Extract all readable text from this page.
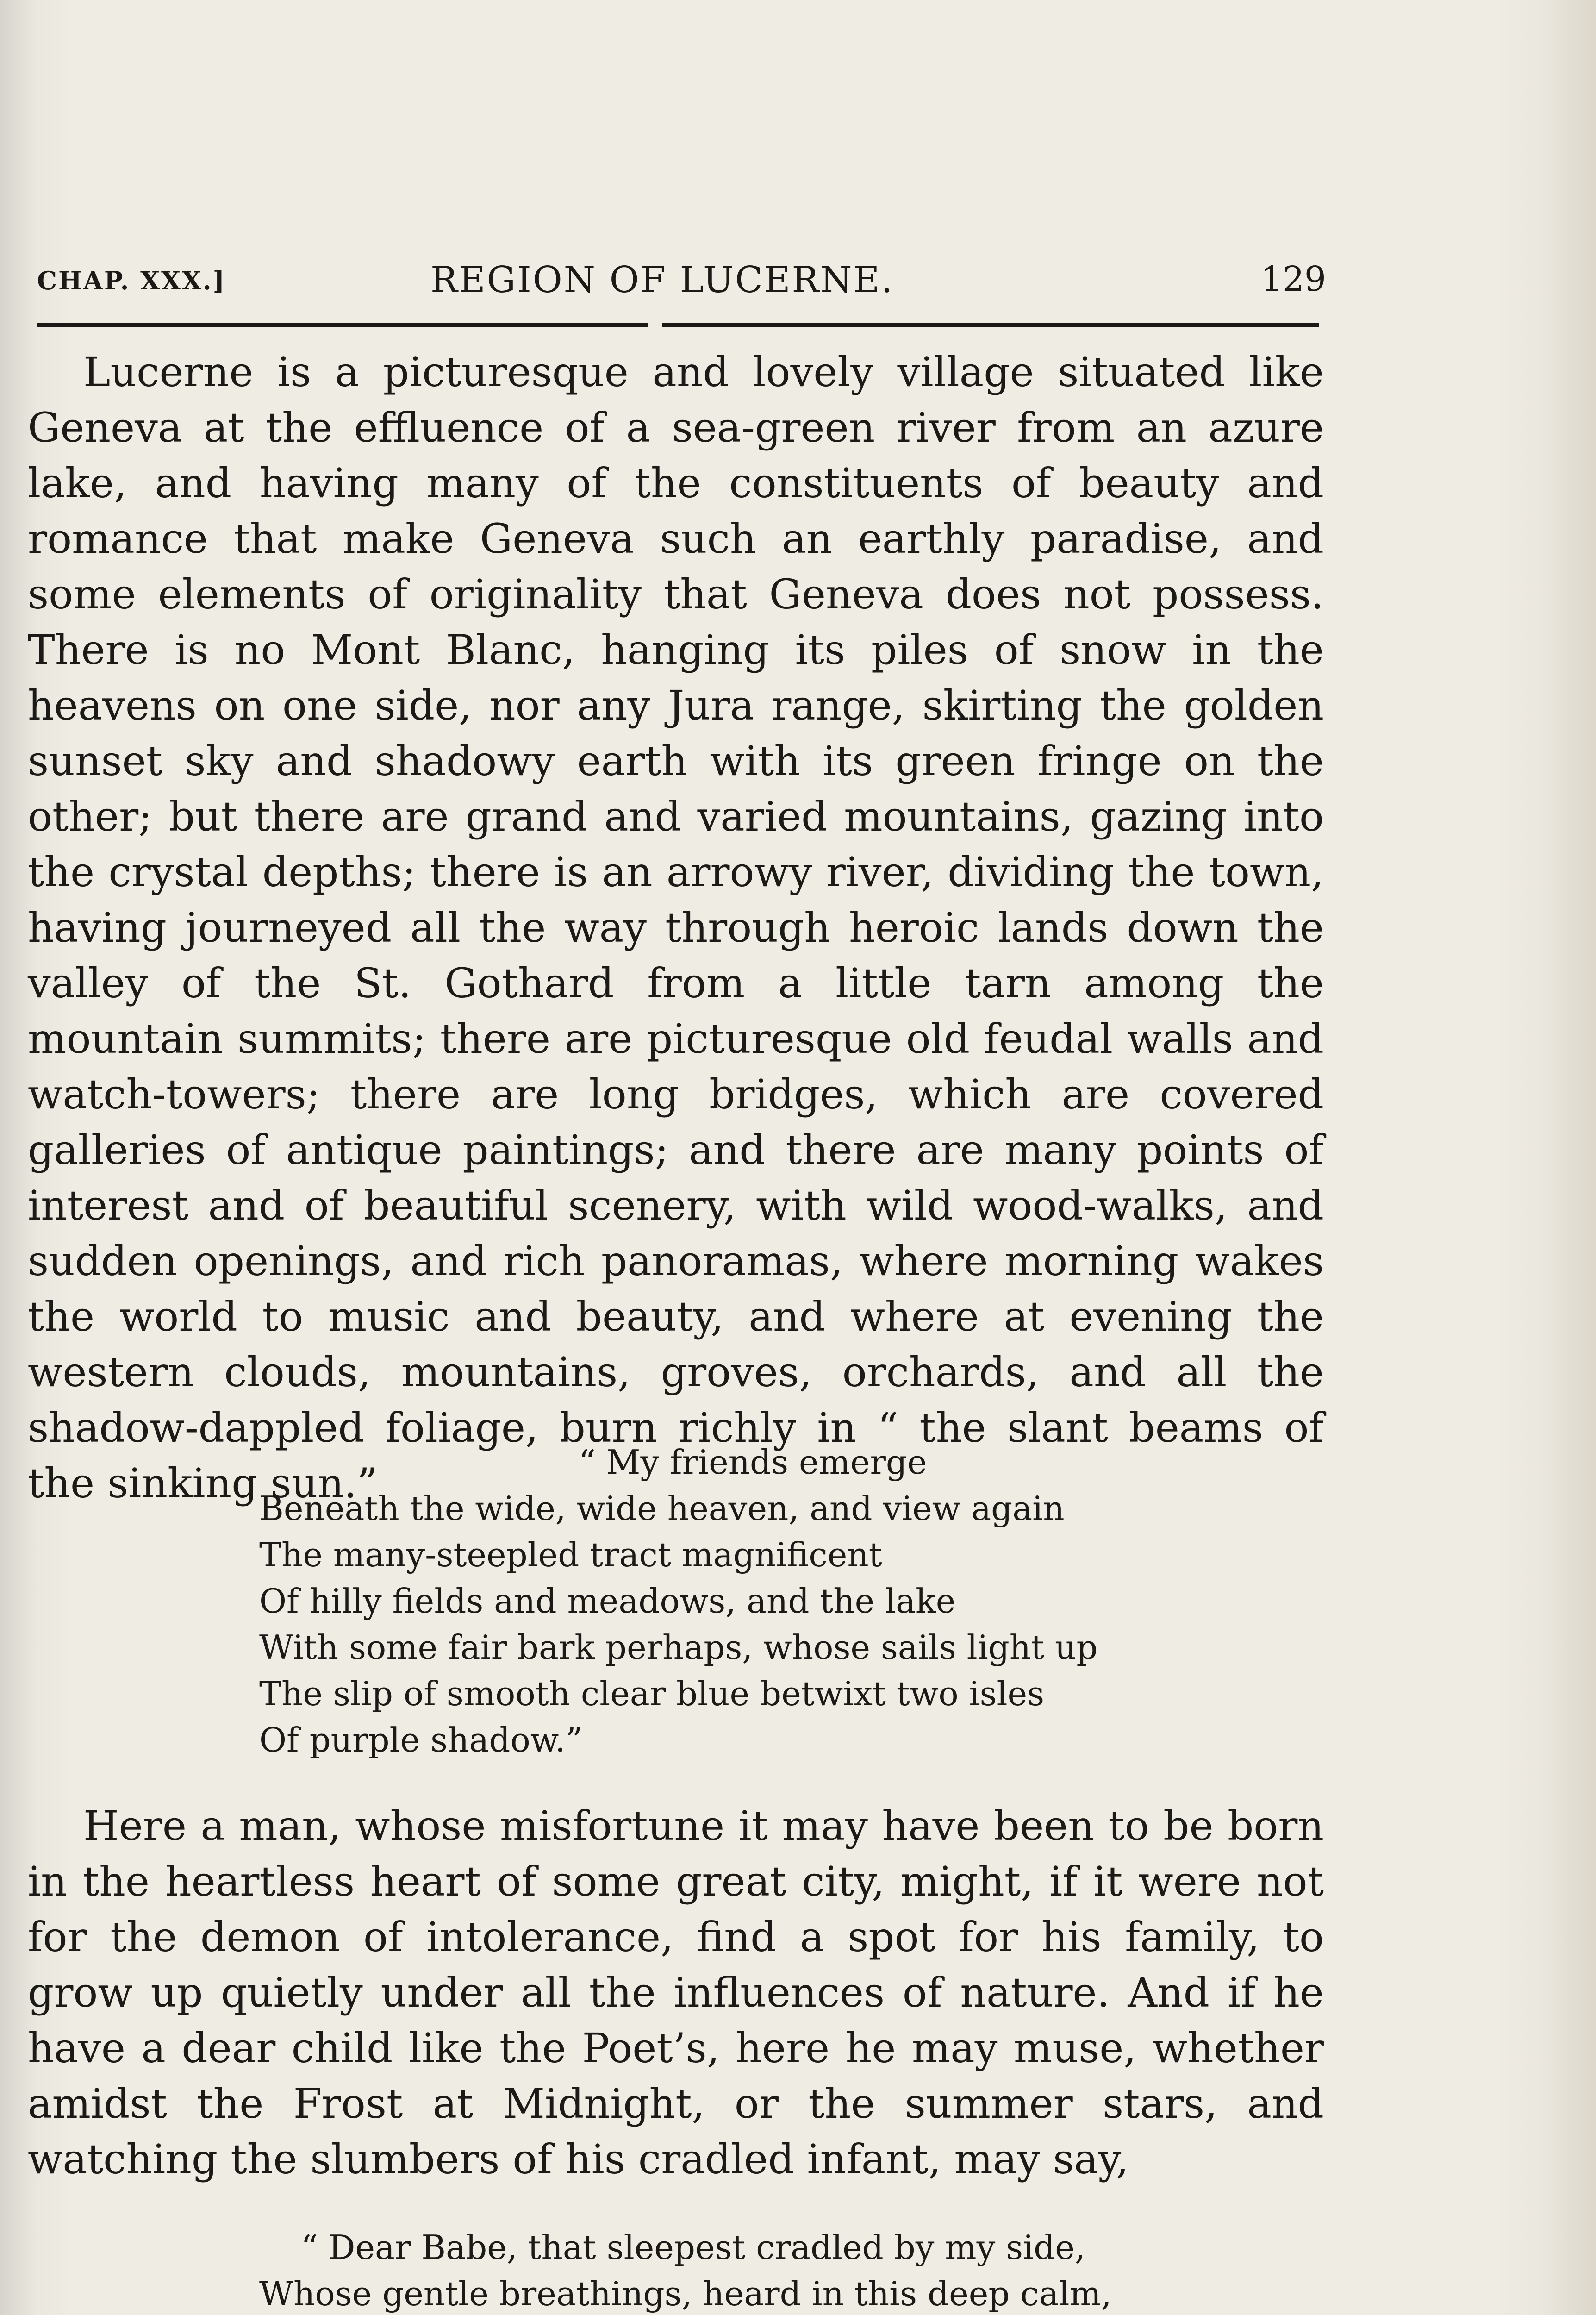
CHAP. XXX.]	REGION OF LUCERNE.	129

Lucerne is a picturesque and lovely village situated like Geneva at the effluence of a sea-green river from an azure lake, and having many of the constituents of beauty and romance that make Geneva such an earthly paradise, and some elements of originality that Geneva does not possess. There is no Mont Blanc, hanging its piles of snow in the heavens on one side, nor any Jura range, skirting the golden sunset sky and shadowy earth with its green fringe on the other; but there are grand and varied mountains, gazing into the crystal depths; there is an arrowy river, dividing the town, having journeyed all the way through heroic lands down the valley of the St. Gothard from a little tarn among the mountain summits; there are picturesque old feudal walls and watch-towers; there are long bridges, which are covered galleries of antique paintings; and there are many points of interest and of beautiful scenery, with wild wood-walks, and sudden openings, and rich panoramas, where morning wakes the world to music and beauty, and where at evening the western clouds, mountains, groves, orchards, and all the shadow-dappled foliage, burn richly in “ the slant beams of the sinking sun.”	“ My friends emerge
Beneath the wide, wide heaven, and view again
The many-steepled tract magnificent
Of hilly fields and meadows, and the lake
With some fair bark perhaps, whose sails light up
The slip of smooth clear blue betwixt two isles
Of purple shadow.”

Here a man, whose misfortune it may have been to be born in the heartless heart of some great city, might, if it were not for the demon of intolerance, find a spot for his family, to grow up quietly under all the influences of nature. And if he have a dear child like the Poet’s, here he may muse, whether amidst the Frost at Midnight, or the summer stars, and watching the slumbers of his cradled infant, may say,

“ Dear Babe, that sleepest cradled by my side,
Whose gentle breathings, heard in this deep calm,
